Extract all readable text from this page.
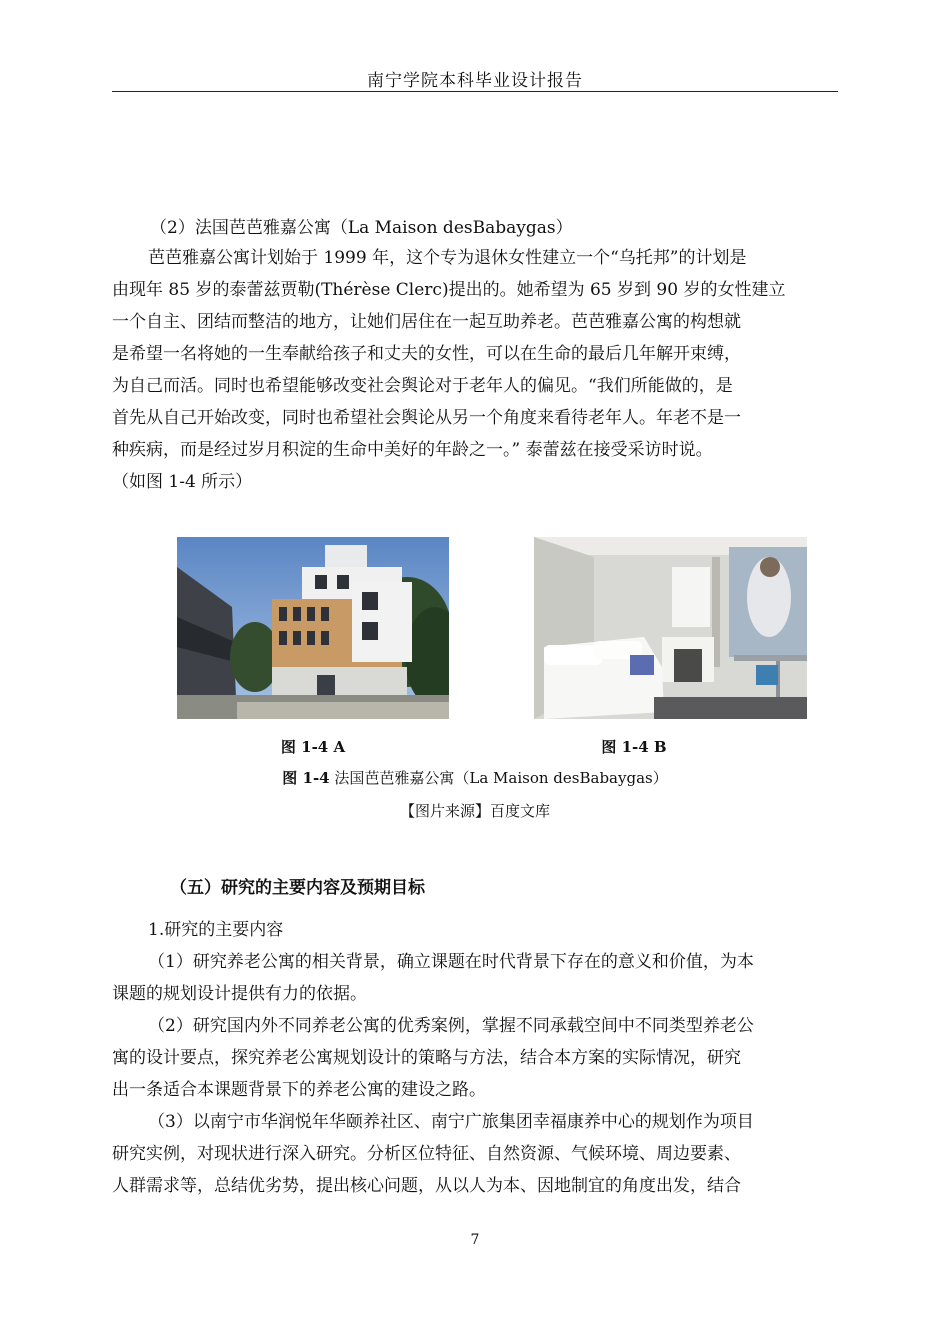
南宁学院本科毕业设计报告
（2）法国芭芭雅嘉公寓（La Maison desBabaygas）
芭芭雅嘉公寓计划始于 1999 年，这个专为退休女性建立一个“乌托邦”的计划是
由现年 85 岁的泰蕾兹贾勒(Thérèse Clerc)提出的。她希望为 65 岁到 90 岁的女性建立
一个自主、团结而整洁的地方，让她们居住在一起互助养老。芭芭雅嘉公寓的构想就
是希望一名将她的一生奉献给孩子和丈夫的女性，可以在生命的最后几年解开束缚，
为自己而活。同时也希望能够改变社会舆论对于老年人的偏见。“我们所能做的，是
首先从自己开始改变，同时也希望社会舆论从另一个角度来看待老年人。年老不是一
种疾病，而是经过岁月积淀的生命中美好的年龄之一。” 泰蕾兹在接受采访时说。
（如图 1-4 所示）
图 1-4 A	图 1-4 B
图 1-4 法国芭芭雅嘉公寓（La Maison desBabaygas）
【图片来源】百度文库
（五）研究的主要内容及预期目标
1.研究的主要内容
（1）研究养老公寓的相关背景，确立课题在时代背景下存在的意义和价值，为本
课题的规划设计提供有力的依据。
（2）研究国内外不同养老公寓的优秀案例，掌握不同承载空间中不同类型养老公
寓的设计要点，探究养老公寓规划设计的策略与方法，结合本方案的实际情况，研究
出一条适合本课题背景下的养老公寓的建设之路。
（3）以南宁市华润悦年华颐养社区、南宁广旅集团幸福康养中心的规划作为项目
研究实例，对现状进行深入研究。分析区位特征、自然资源、气候环境、周边要素、
人群需求等，总结优劣势，提出核心问题，从以人为本、因地制宜的角度出发，结合
7
